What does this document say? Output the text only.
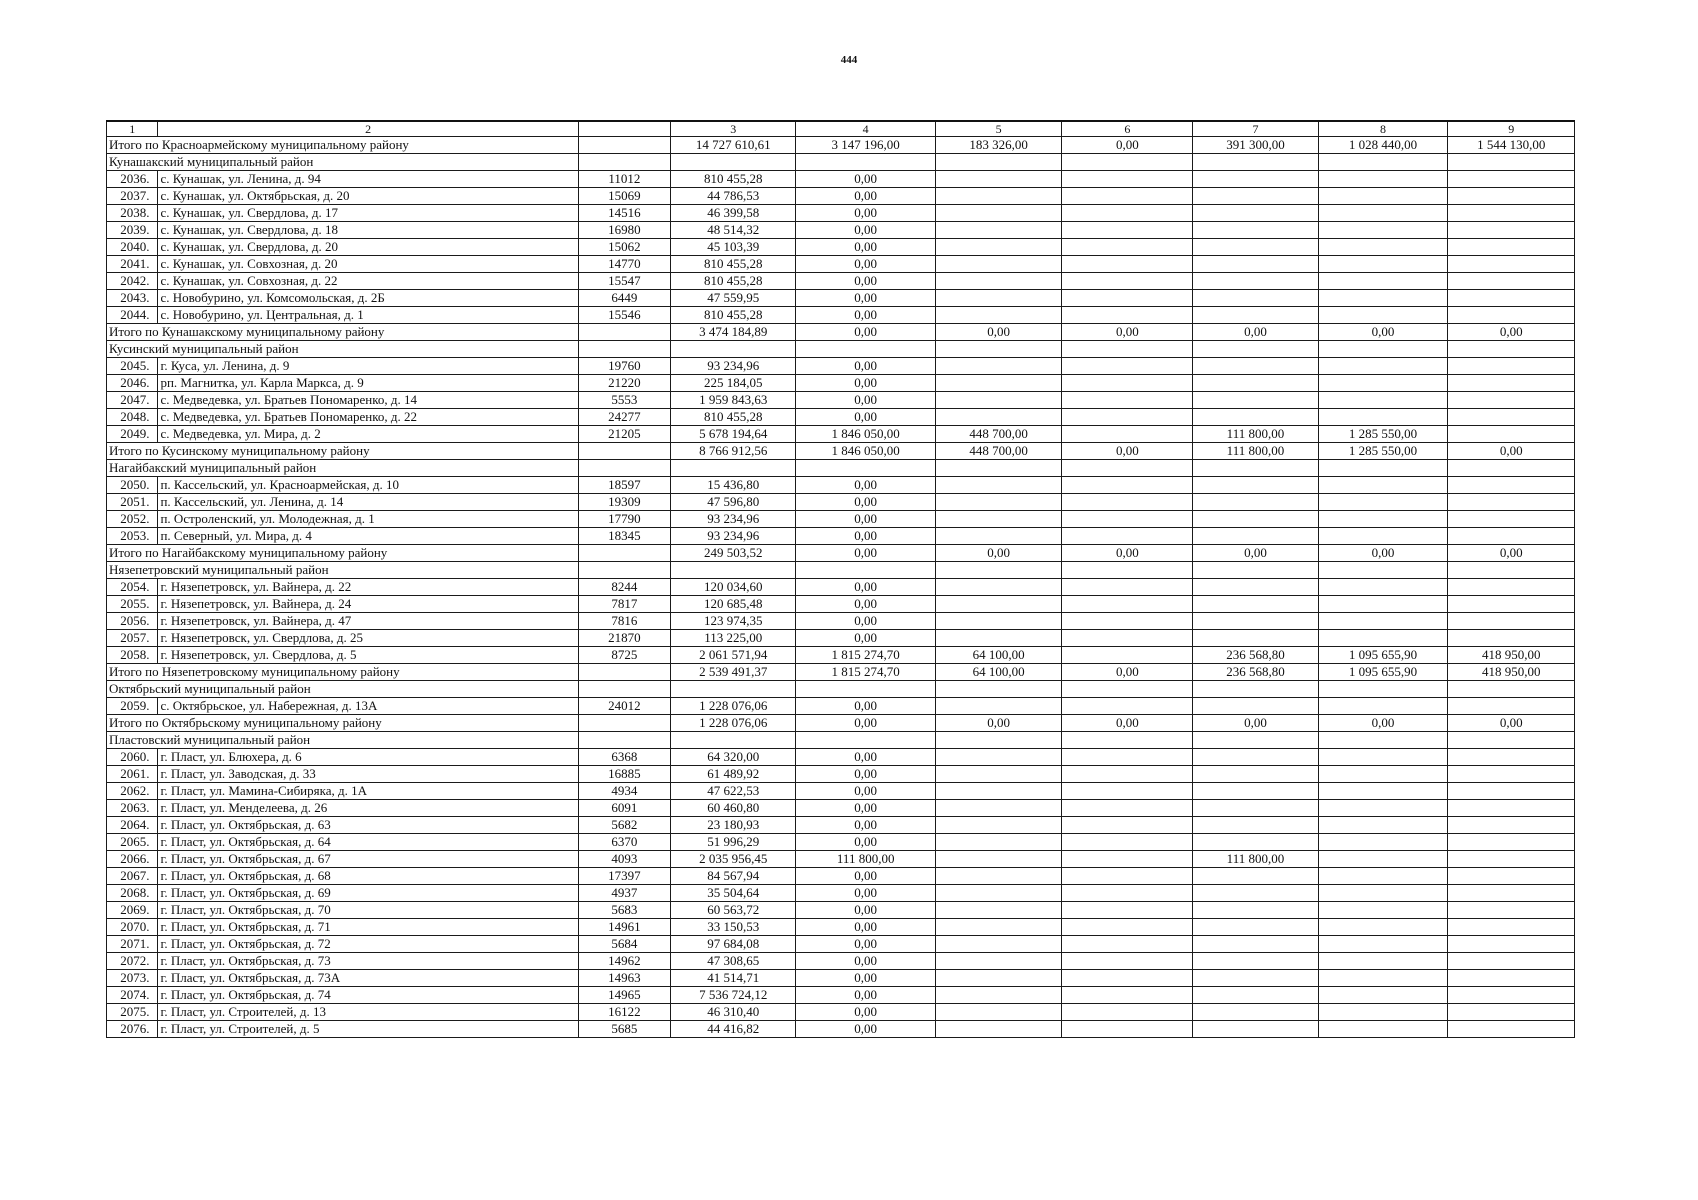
444
1	2		3	4	5	6	7	8	9
Итого по Красноармейскому муниципальному району			14 727 610,61	3 147 196,00	183 326,00	0,00	391 300,00	1 028 440,00	1 544 130,00
Кунашакский муниципальный район									
2036.	с. Кунашак, ул. Ленина, д. 94	11012	810 455,28	0,00					
2037.	с. Кунашак, ул. Октябрьская, д. 20	15069	44 786,53	0,00					
2038.	с. Кунашак, ул. Свердлова, д. 17	14516	46 399,58	0,00					
2039.	с. Кунашак, ул. Свердлова, д. 18	16980	48 514,32	0,00					
2040.	с. Кунашак, ул. Свердлова, д. 20	15062	45 103,39	0,00					
2041.	с. Кунашак, ул. Совхозная, д. 20	14770	810 455,28	0,00					
2042.	с. Кунашак, ул. Совхозная, д. 22	15547	810 455,28	0,00					
2043.	с. Новобурино, ул. Комсомольская, д. 2Б	6449	47 559,95	0,00					
2044.	с. Новобурино, ул. Центральная, д. 1	15546	810 455,28	0,00					
Итого по Кунашакскому муниципальному району			3 474 184,89	0,00	0,00	0,00	0,00	0,00	0,00
Кусинский муниципальный район									
2045.	г. Куса, ул. Ленина, д. 9	19760	93 234,96	0,00					
2046.	рп. Магнитка, ул. Карла Маркса, д. 9	21220	225 184,05	0,00					
2047.	с. Медведевка, ул. Братьев Пономаренко, д. 14	5553	1 959 843,63	0,00					
2048.	с. Медведевка, ул. Братьев Пономаренко, д. 22	24277	810 455,28	0,00					
2049.	с. Медведевка, ул. Мира, д. 2	21205	5 678 194,64	1 846 050,00	448 700,00		111 800,00	1 285 550,00	
Итого по Кусинскому муниципальному району			8 766 912,56	1 846 050,00	448 700,00	0,00	111 800,00	1 285 550,00	0,00
Нагайбакский муниципальный район									
2050.	п. Кассельский, ул. Красноармейская, д. 10	18597	15 436,80	0,00					
2051.	п. Кассельский, ул. Ленина, д. 14	19309	47 596,80	0,00					
2052.	п. Остроленский, ул. Молодежная, д. 1	17790	93 234,96	0,00					
2053.	п. Северный, ул. Мира, д. 4	18345	93 234,96	0,00					
Итого по Нагайбакскому муниципальному району			249 503,52	0,00	0,00	0,00	0,00	0,00	0,00
Нязепетровский муниципальный район									
2054.	г. Нязепетровск, ул. Вайнера, д. 22	8244	120 034,60	0,00					
2055.	г. Нязепетровск, ул. Вайнера, д. 24	7817	120 685,48	0,00					
2056.	г. Нязепетровск, ул. Вайнера, д. 47	7816	123 974,35	0,00					
2057.	г. Нязепетровск, ул. Свердлова, д. 25	21870	113 225,00	0,00					
2058.	г. Нязепетровск, ул. Свердлова, д. 5	8725	2 061 571,94	1 815 274,70	64 100,00		236 568,80	1 095 655,90	418 950,00
Итого по Нязепетровскому муниципальному району			2 539 491,37	1 815 274,70	64 100,00	0,00	236 568,80	1 095 655,90	418 950,00
Октябрьский муниципальный район									
2059.	с. Октябрьское, ул. Набережная, д. 13А	24012	1 228 076,06	0,00					
Итого по Октябрьскому муниципальному району			1 228 076,06	0,00	0,00	0,00	0,00	0,00	0,00
Пластовский муниципальный район									
2060.	г. Пласт, ул. Блюхера, д. 6	6368	64 320,00	0,00					
2061.	г. Пласт, ул. Заводская, д. 33	16885	61 489,92	0,00					
2062.	г. Пласт, ул. Мамина-Сибиряка, д. 1А	4934	47 622,53	0,00					
2063.	г. Пласт, ул. Менделеева, д. 26	6091	60 460,80	0,00					
2064.	г. Пласт, ул. Октябрьская, д. 63	5682	23 180,93	0,00					
2065.	г. Пласт, ул. Октябрьская, д. 64	6370	51 996,29	0,00					
2066.	г. Пласт, ул. Октябрьская, д. 67	4093	2 035 956,45	111 800,00			111 800,00		
2067.	г. Пласт, ул. Октябрьская, д. 68	17397	84 567,94	0,00					
2068.	г. Пласт, ул. Октябрьская, д. 69	4937	35 504,64	0,00					
2069.	г. Пласт, ул. Октябрьская, д. 70	5683	60 563,72	0,00					
2070.	г. Пласт, ул. Октябрьская, д. 71	14961	33 150,53	0,00					
2071.	г. Пласт, ул. Октябрьская, д. 72	5684	97 684,08	0,00					
2072.	г. Пласт, ул. Октябрьская, д. 73	14962	47 308,65	0,00					
2073.	г. Пласт, ул. Октябрьская, д. 73А	14963	41 514,71	0,00					
2074.	г. Пласт, ул. Октябрьская, д. 74	14965	7 536 724,12	0,00					
2075.	г. Пласт, ул. Строителей, д. 13	16122	46 310,40	0,00					
2076.	г. Пласт, ул. Строителей, д. 5	5685	44 416,82	0,00					
